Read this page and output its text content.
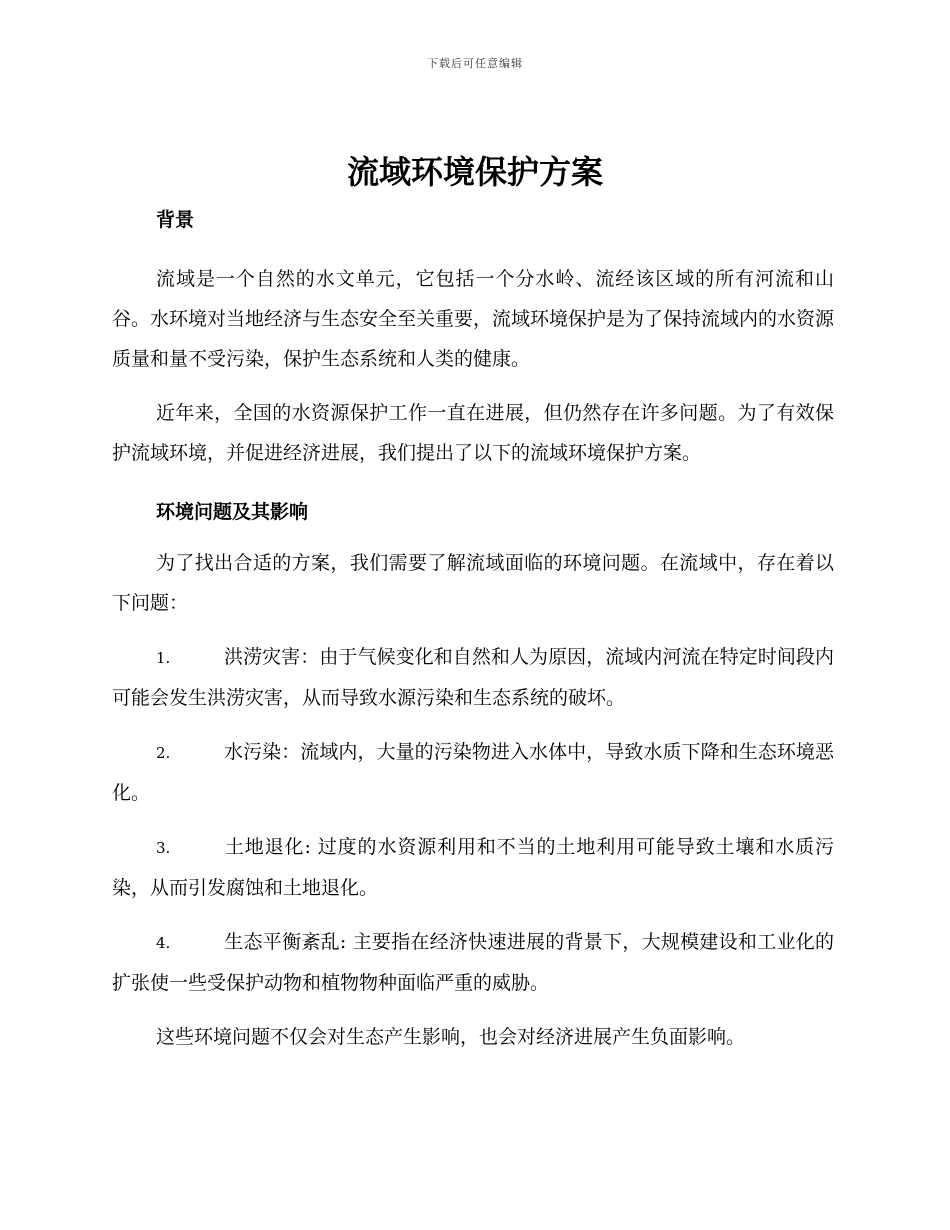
下载后可任意编辑
流域环境保护方案
背景

流域是一个自然的水文单元，它包括一个分水岭、流经该区域的所有河流和山谷。水环境对当地经济与生态安全至关重要，流域环境保护是为了保持流域内的水资源质量和量不受污染，保护生态系统和人类的健康。

近年来，全国的水资源保护工作一直在进展，但仍然存在许多问题。为了有效保护流域环境，并促进经济进展，我们提出了以下的流域环境保护方案。

环境问题及其影响

为了找出合适的方案，我们需要了解流域面临的环境问题。在流域中，存在着以下问题：

1.	洪涝灾害：由于气候变化和自然和人为原因，流域内河流在特定时间段内可能会发生洪涝灾害，从而导致水源污染和生态系统的破坏。

2.	水污染：流域内，大量的污染物进入水体中，导致水质下降和生态环境恶化。

3.	土地退化: 过度的水资源利用和不当的土地利用可能导致土壤和水质污染，从而引发腐蚀和土地退化。

4.	生态平衡紊乱: 主要指在经济快速进展的背景下，大规模建设和工业化的扩张使一些受保护动物和植物物种面临严重的威胁。

这些环境问题不仅会对生态产生影响，也会对经济进展产生负面影响。
